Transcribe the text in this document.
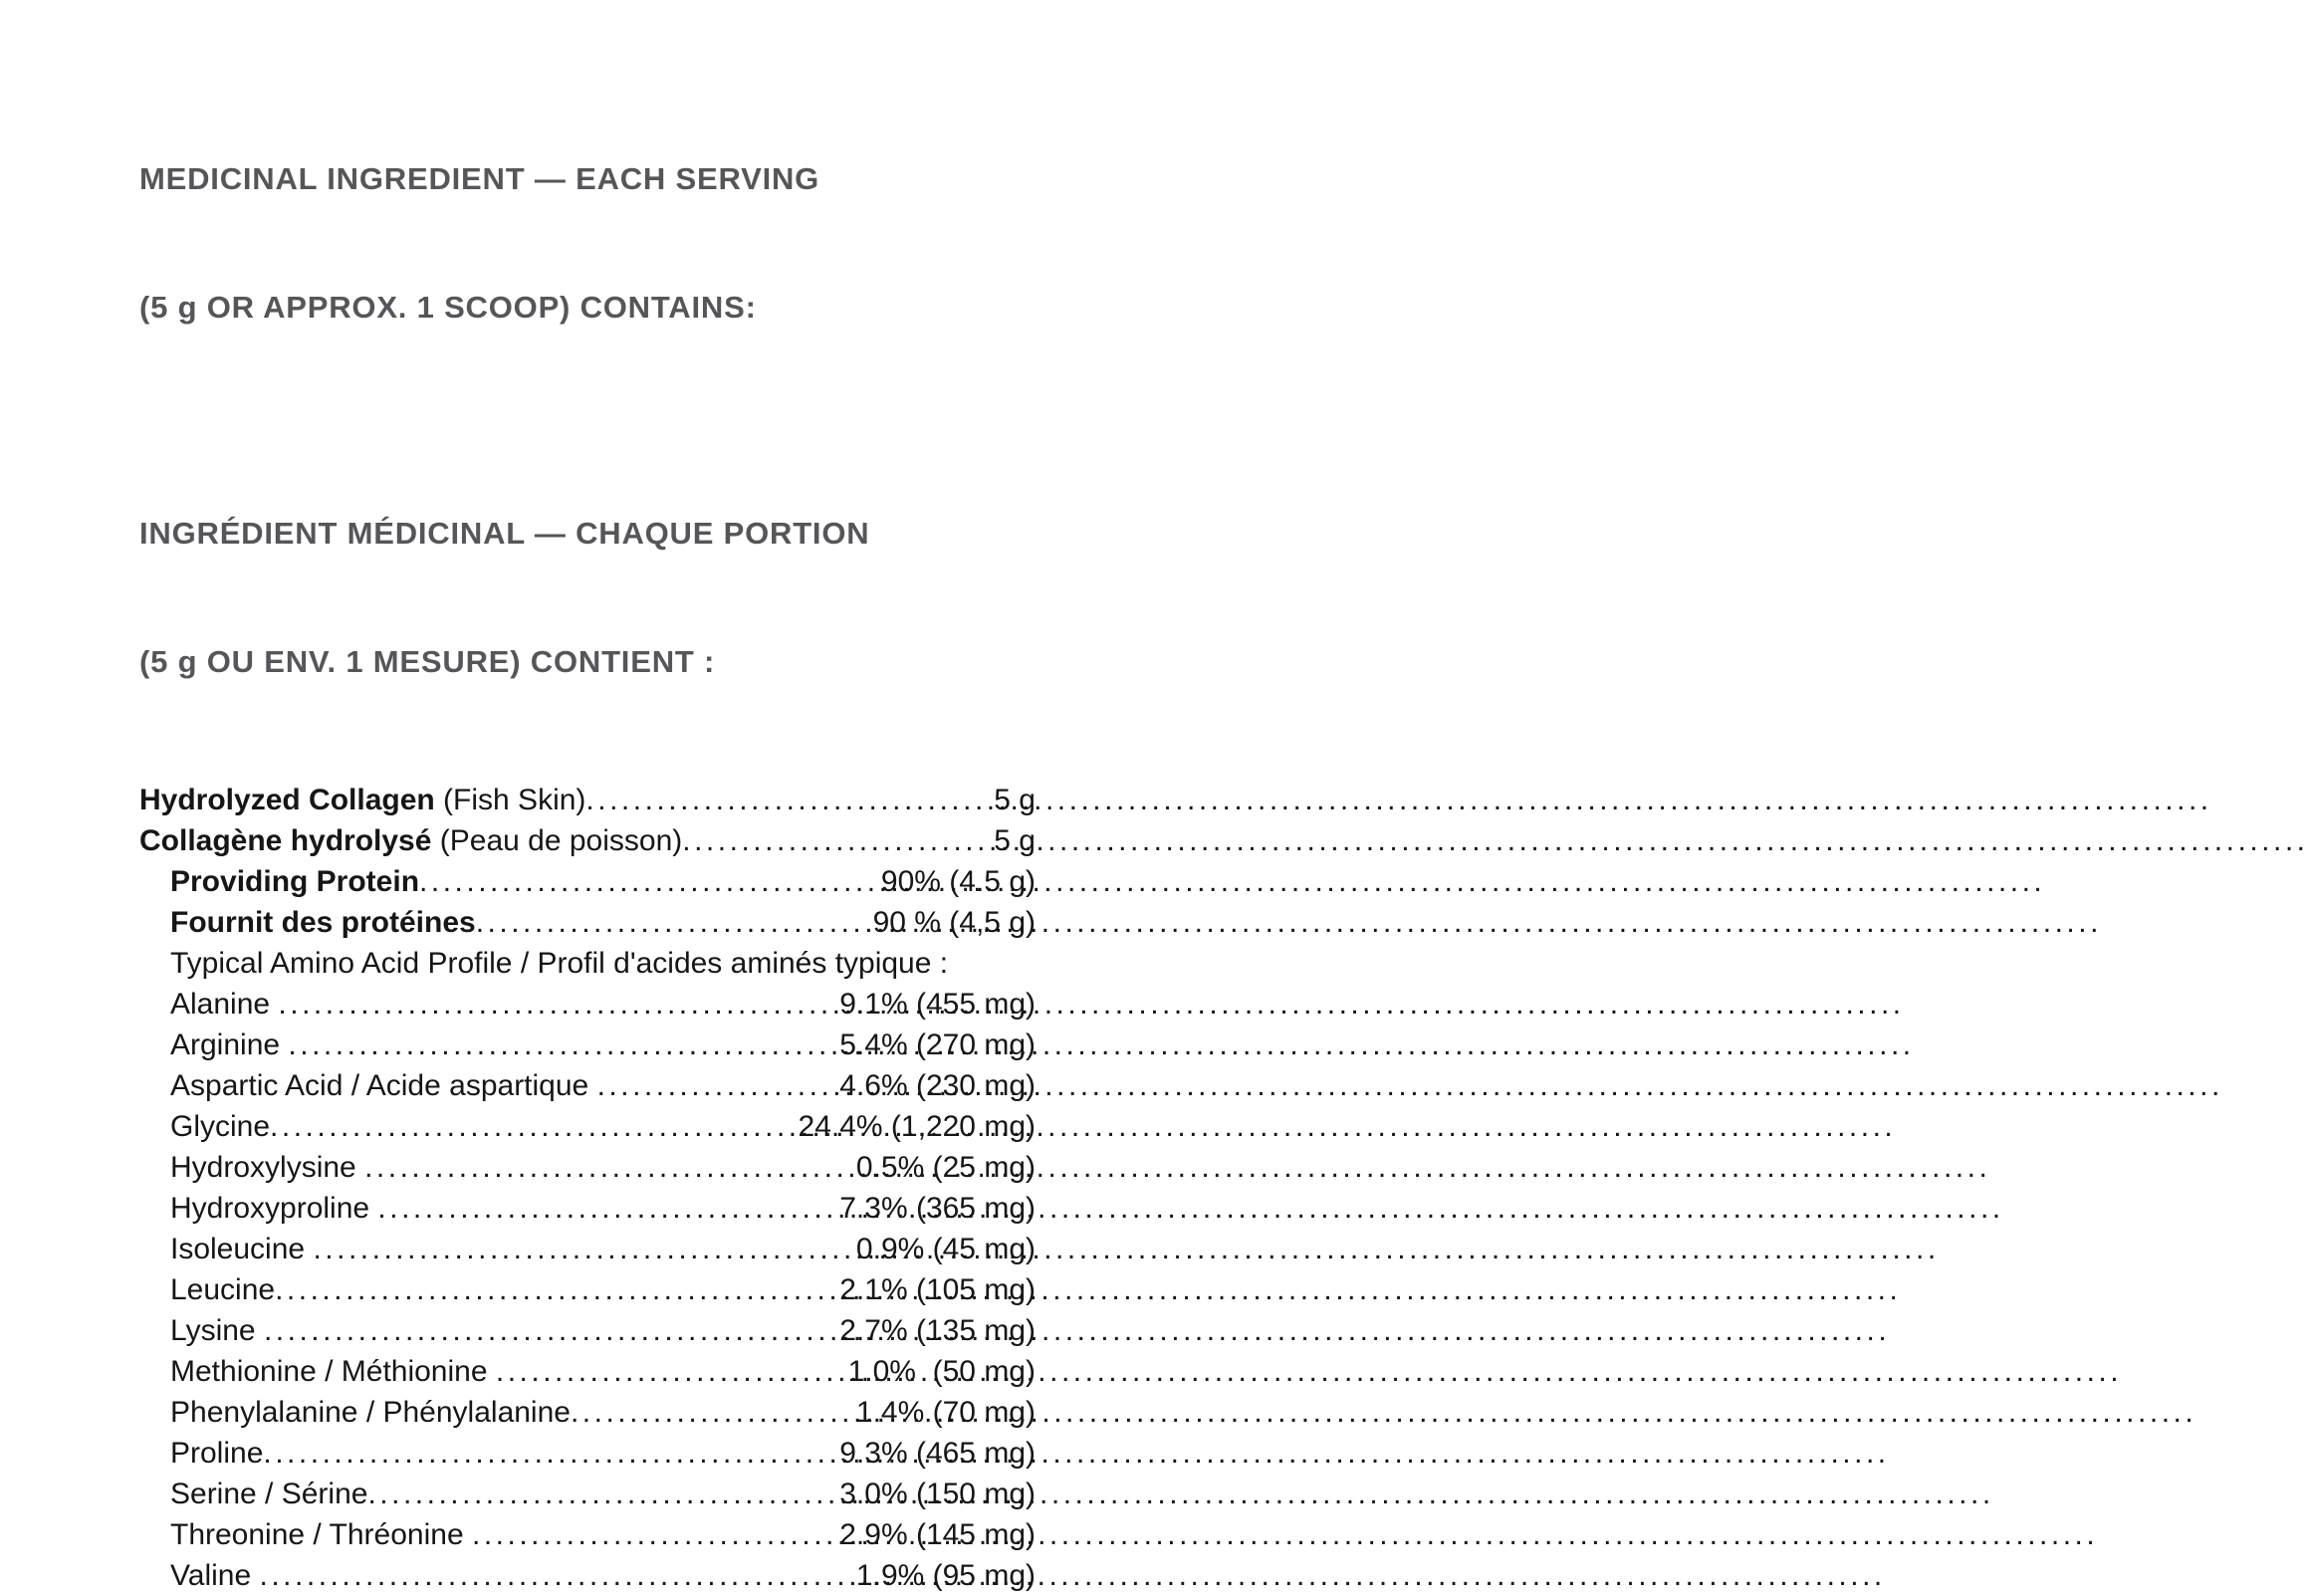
MEDICINAL INGREDIENT — EACH SERVING

(5 g OR APPROX. 1 SCOOP) CONTAINS:

INGRÉDIENT MÉDICINAL — CHAQUE PORTION

(5 g OU ENV. 1 MESURE) CONTIENT :

Hydrolyzed Collagen (Fish Skin) .....	5 g
Collagène hydrolysé (Peau de poisson) .....	5 g
Providing Protein .....	90% (4.5 g)
Fournit des protéines .....	90 % (4,5 g)
Typical Amino Acid Profile / Profil d'acides aminés typique :
Alanine .....	9.1% (455 mg)
Arginine .....	5.4% (270 mg)
Aspartic Acid / Acide aspartique .....	4.6% (230 mg)
Glycine .....	24.4% (1,220 mg)
Hydroxylysine .....	0.5% (25 mg)
Hydroxyproline .....	7.3% (365 mg)
Isoleucine .....	0.9% (45 mg)
Leucine .....	2.1% (105 mg)
Lysine .....	2.7% (135 mg)
Methionine / Méthionine .....	1.0%  (50 mg)
Phenylalanine / Phénylalanine .....	1.4% (70 mg)
Proline .....	9.3% (465 mg)
Serine / Sérine .....	3.0% (150 mg)
Threonine / Thréonine .....	2.9% (145 mg)
Valine .....	1.9% (95 mg)
